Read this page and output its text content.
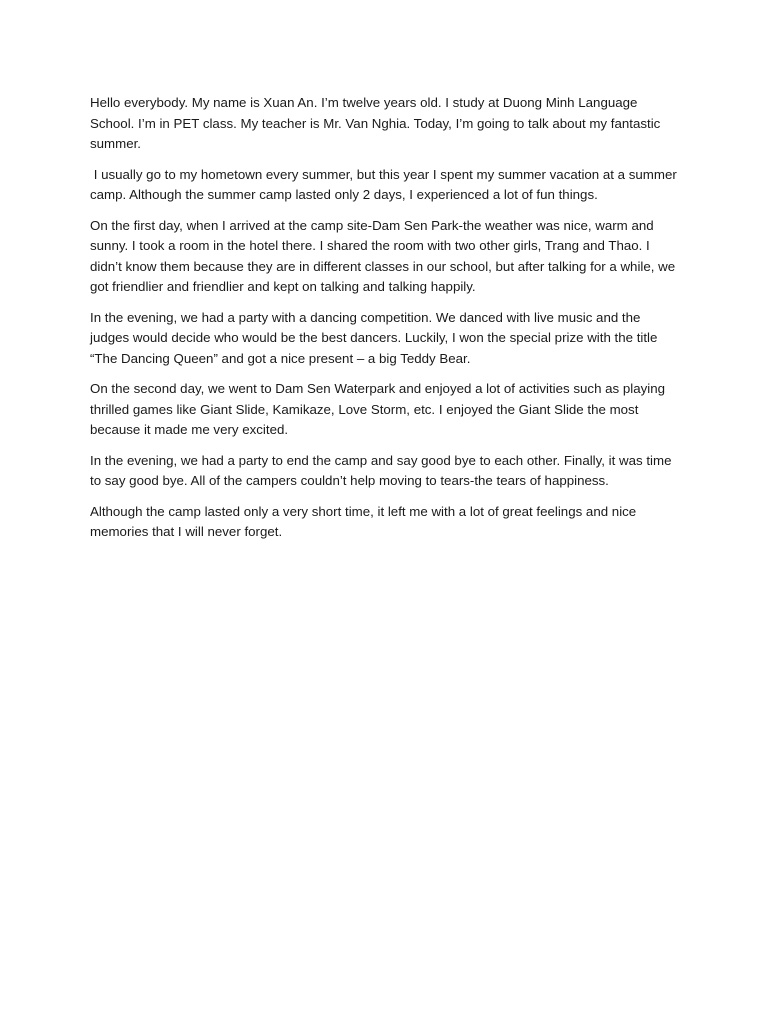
Hello everybody. My name is Xuan An. I’m twelve years old. I study at Duong Minh Language School. I’m in PET class. My teacher is Mr. Van Nghia. Today, I’m going to talk about my fantastic summer.

I usually go to my hometown every summer, but this year I spent my summer vacation at a summer camp. Although the summer camp lasted only 2 days, I experienced a lot of fun things.

On the first day, when I arrived at the camp site-Dam Sen Park-the weather was nice, warm and sunny. I took a room in the hotel there. I shared the room with two other girls, Trang and Thao. I didn’t know them because they are in different classes in our school, but after talking for a while, we got friendlier and friendlier and kept on talking and talking happily.

In the evening, we had a party with a dancing competition. We danced with live music and the judges would decide who would be the best dancers. Luckily, I won the special prize with the title “The Dancing Queen” and got a nice present – a big Teddy Bear.

On the second day, we went to Dam Sen Waterpark and enjoyed a lot of activities such as playing thrilled games like Giant Slide, Kamikaze, Love Storm, etc. I enjoyed the Giant Slide the most because it made me very excited.

In the evening, we had a party to end the camp and say good bye to each other. Finally, it was time to say good bye. All of the campers couldn’t help moving to tears-the tears of happiness.

Although the camp lasted only a very short time, it left me with a lot of great feelings and nice memories that I will never forget.
